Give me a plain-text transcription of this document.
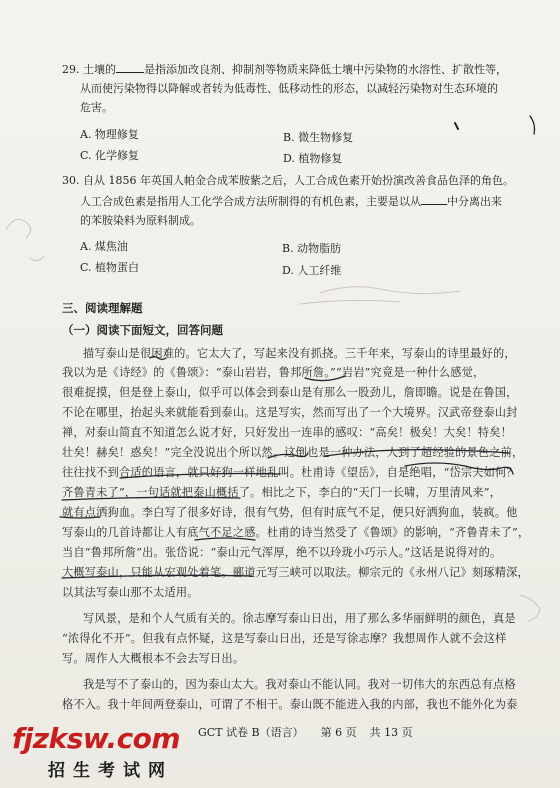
29. 土壤的	是指添加改良剂、抑制剂等物质来降低土壤中污染物的水溶性、扩散性等，
从而使污染物得以降解或者转为低毒性、低移动性的形态，以减轻污染物对生态环境的
危害。
A. 物理修复	B. 微生物修复
C. 化学修复	D. 植物修复
30. 自从 1856 年英国人帕金合成苯胺紫之后，人工合成色素开始扮演改善食品色泽的角色。
人工合成色素是指用人工化学合成方法所制得的有机色素，主要是以从 中分离出来
的苯胺染料为原料制成。
A. 煤焦油	B. 动物脂肪
C. 植物蛋白	D. 人工纤维
三、阅读理解题
（一）阅读下面短文，回答问题
描写泰山是很困难的。它太大了，写起来没有抓挠。三千年来，写泰山的诗里最好的，
我以为是《诗经》的《鲁颂》：“泰山岩岩，鲁邦所詹。”“岩岩”究竟是一种什么感觉，
很难捉摸，但是登上泰山，似乎可以体会到泰山是有那么一股劲儿，詹即瞻。说是在鲁国，
不论在哪里，抬起头来就能看到泰山。这是写实，然而写出了一个大境界。汉武帝登泰山封
禅，对泰山简直不知道怎么说才好，只好发出一连串的感叹：“高矣！极矣！大矣！特矣！
壮矣！赫矣！惑矣！”完全没说出个所以然。这倒也是一种办法，人到了超经验的景色之前，
往往找不到合适的语言，就只好狗一样地乱叫。杜甫诗《望岳》，自是绝唱，“岱宗夫如何？
齐鲁青未了”，一句话就把泰山概括了。相比之下，李白的“天门一长啸，万里清风来”，
就有点洒狗血。李白写了很多好诗，很有气势，但有时底气不足，便只好洒狗血，装疯。他
写泰山的几首诗都让人有底气不足之感。杜甫的诗当然受了《鲁颂》的影响，“齐鲁青未了”，
当自“鲁邦所詹”出。张岱说：“泰山元气浑厚，绝不以玲珑小巧示人。”这话是说得对的。
大概写泰山，只能从宏观处着笔。郦道元写三峡可以取法。柳宗元的《永州八记》刻琢精深，
以其法写泰山那不太适用。
写风景，是和个人气质有关的。徐志摩写泰山日出，用了那么多华丽鲜明的颜色，真是
“浓得化不开”。但我有点怀疑，这是写泰山日出，还是写徐志摩？我想周作人就不会这样
写。周作人大概根本不会去写日出。
我是写不了泰山的，因为泰山太大。我对泰山不能认同。我对一切伟大的东西总有点格
格不入。我十年间两登泰山，可谓了不相干。泰山既不能进入我的内部，我也不能外化为泰
GCT 试卷 B（语言） 第 6 页 共 13 页
fjzksw.com
招生考试网
